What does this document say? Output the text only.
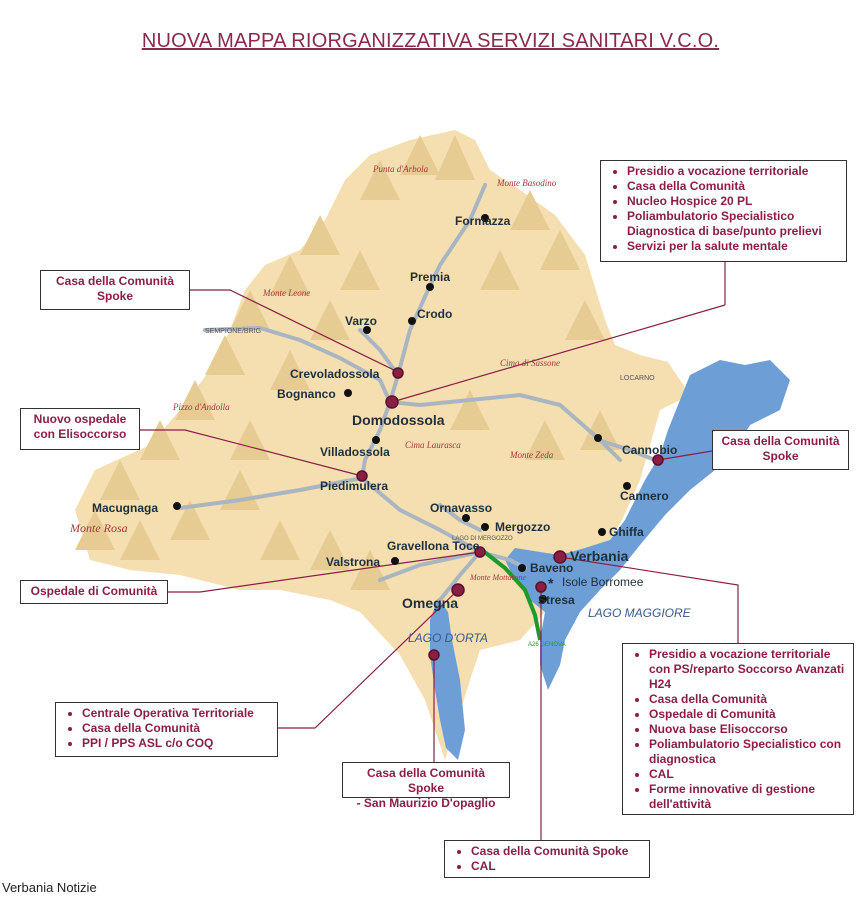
Formazza
Premia
Crodo
Varzo
Crevoladossola
Bognanco
Domodossola
Villadossola
Piedimulera
Macugnaga	Ornavasso
Mergozzo
Gravellona Toce
Valstrona
Omegna
Baveno
Stresa
Verbania
Cannobio
Cannero
Ghiffa
* Isole Borromee
Punta d'Arbola
Monte Basodino
Monte Leone
SEMPIONE/BRIG
Cima di Sassone
LOCARNO
Pizzo d'Andolla
Cima Laurasca
Monte Zeda
Monte Rosa
LAGO DI MERGOZZO
Monte Mottarone
LAGO MAGGIORE
LAGO D'ORTA	A26 GENOVA
NUOVA MAPPA RIORGANIZZATIVA SERVIZI SANITARI V.C.O.
• Presidio a vocazione territoriale
• Casa della Comunità
• Nucleo Hospice 20 PL
• Poliambulatorio Specialistico Diagnostica di base/punto prelievi
• Servizi per la salute mentale
Casa della Comunità
Spoke
Nuovo ospedale
con Elisoccorso	Casa della Comunità
Spoke
Ospedale di Comunità
• Presidio a vocazione territoriale con PS/reparto Soccorso Avanzati H24
• Casa della Comunità
• Ospedale di Comunità
• Nuova base Elisoccorso
• Poliambulatorio Specialistico con diagnostica
• CAL
• Forme innovative di gestione dell'attività
• Centrale Operativa Territoriale
• Casa della Comunità
• PPI / PPS ASL c/o COQ
Casa della Comunità Spoke
- San Maurizio D'opaglio
• Casa della Comunità Spoke
• CAL
Verbania Notizie
